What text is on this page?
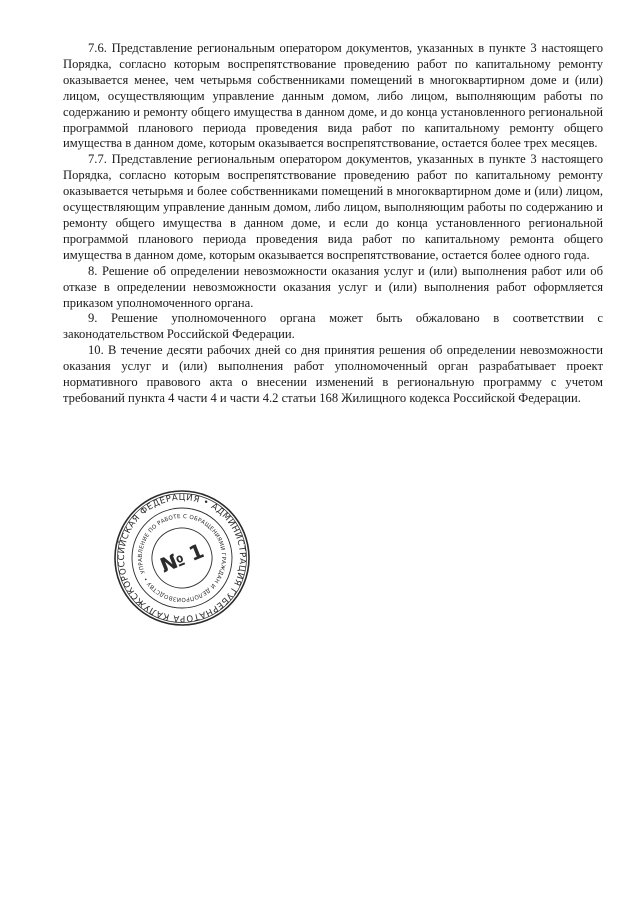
7.6. Представление региональным оператором документов, указанных в пункте 3 настоящего Порядка, согласно которым воспрепятствование проведению работ по капитальному ремонту оказывается менее, чем четырьмя собственниками помещений в многоквартирном доме и (или) лицом, осуществляющим управление данным домом, либо лицом, выполняющим работы по содержанию и ремонту общего имущества в данном доме, и до конца установленного региональной программой планового периода проведения вида работ по капитальному ремонту общего имущества в данном доме, которым оказывается воспрепятствование, остается более трех месяцев.

7.7. Представление региональным оператором документов, указанных в пункте 3 настоящего Порядка, согласно которым воспрепятствование проведению работ по капитальному ремонту оказывается четырьмя и более собственниками помещений в многоквартирном доме и (или) лицом, осуществляющим управление данным домом, либо лицом, выполняющим работы по содержанию и ремонту общего имущества в данном доме, и если до конца установленного региональной программой планового периода проведения вида работ по капитальному ремонта общего имущества в данном доме, которым оказывается воспрепятствование, остается более одного года.

8. Решение об определении невозможности оказания услуг и (или) выполнения работ или об отказе в определении невозможности оказания услуг и (или) выполнения работ оформляется приказом уполномоченного органа.

9. Решение уполномоченного органа может быть обжаловано в соответствии с законодательством Российской Федерации.

10. В течение десяти рабочих дней со дня принятия решения об определении невозможности оказания услуг и (или) выполнения работ уполномоченный орган разрабатывает проект нормативного правового акта о внесении изменений в региональную программу с учетом требований пункта 4 части 4 и части 4.2 статьи 168 Жилищного кодекса Российской Федерации.

РОССИЙСКАЯ ФЕДЕРАЦИЯ • АДМИНИСТРАЦИЯ ГУБЕРНАТОРА КАЛУЖСКОЙ
УПРАВЛЕНИЕ ПО РАБОТЕ С ОБРАЩЕНИЯМИ ГРАЖДАН И ДЕЛОПРОИЗВОДСТВУ •
№ 1
